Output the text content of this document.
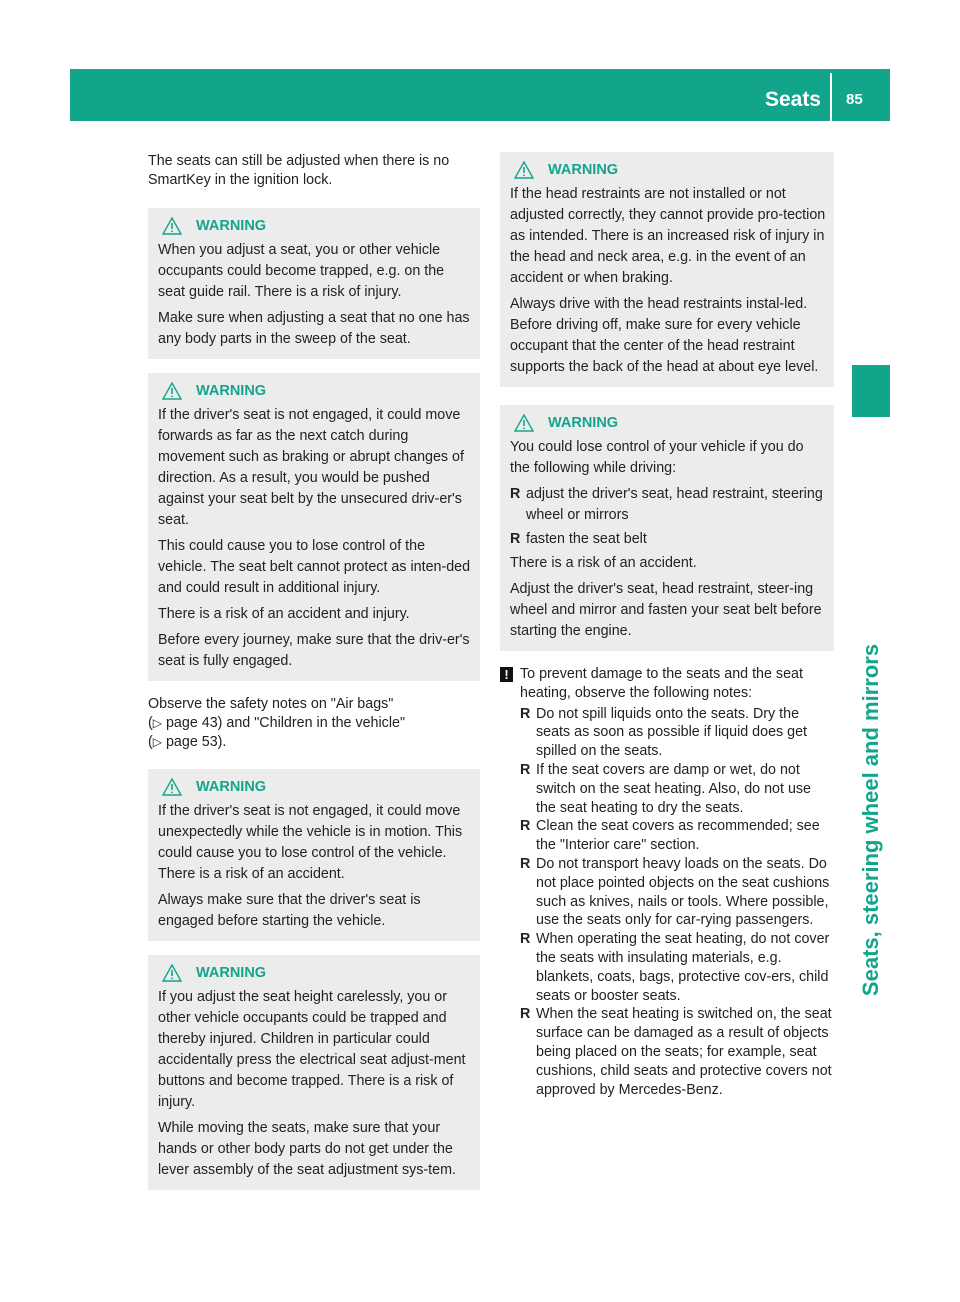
Seats 85
Seats, steering wheel and mirrors

The seats can still be adjusted when there is no SmartKey in the ignition lock.

WARNING

When you adjust a seat, you or other vehicle occupants could become trapped, e.g. on the seat guide rail. There is a risk of injury.

Make sure when adjusting a seat that no one has any body parts in the sweep of the seat.

WARNING

If the driver's seat is not engaged, it could move forwards as far as the next catch during movement such as braking or abrupt changes of direction. As a result, you would be pushed against your seat belt by the unsecured driv-er's seat.

This could cause you to lose control of the vehicle. The seat belt cannot protect as inten-ded and could result in additional injury.

There is a risk of an accident and injury.

Before every journey, make sure that the driv-er's seat is fully engaged.

Observe the safety notes on "Air bags"
(▷ page 43) and "Children in the vehicle"
(▷ page 53).
WARNING

If the driver's seat is not engaged, it could move unexpectedly while the vehicle is in motion. This could cause you to lose control of the vehicle. There is a risk of an accident.

Always make sure that the driver's seat is engaged before starting the vehicle.

WARNING

If you adjust the seat height carelessly, you or other vehicle occupants could be trapped and thereby injured. Children in particular could accidentally press the electrical seat adjust-ment buttons and become trapped. There is a risk of injury.

While moving the seats, make sure that your hands or other body parts do not get under the lever assembly of the seat adjustment sys-tem.

WARNING

If the head restraints are not installed or not adjusted correctly, they cannot provide pro-tection as intended. There is an increased risk of injury in the head and neck area, e.g. in the event of an accident or when braking.

Always drive with the head restraints instal-led. Before driving off, make sure for every vehicle occupant that the center of the head restraint supports the back of the head at about eye level.

WARNING

You could lose control of your vehicle if you do the following while driving:

R adjust the driver's seat, head restraint, steering wheel or mirrors
R fasten the seat belt

There is a risk of an accident.

Adjust the driver's seat, head restraint, steer-ing wheel and mirror and fasten your seat belt before starting the engine.

! To prevent damage to the seats and the seat heating, observe the following notes:

R Do not spill liquids onto the seats. Dry the seats as soon as possible if liquid does get spilled on the seats.
R If the seat covers are damp or wet, do not switch on the seat heating. Also, do not use the seat heating to dry the seats.
R Clean the seat covers as recommended; see the "Interior care" section.
R Do not transport heavy loads on the seats. Do not place pointed objects on the seat cushions such as knives, nails or tools. Where possible, use the seats only for car-rying passengers.
R When operating the seat heating, do not cover the seats with insulating materials, e.g. blankets, coats, bags, protective cov-ers, child seats or booster seats.
R When the seat heating is switched on, the seat surface can be damaged as a result of objects being placed on the seats; for example, seat cushions, child seats and protective covers not approved by Mercedes-Benz.
